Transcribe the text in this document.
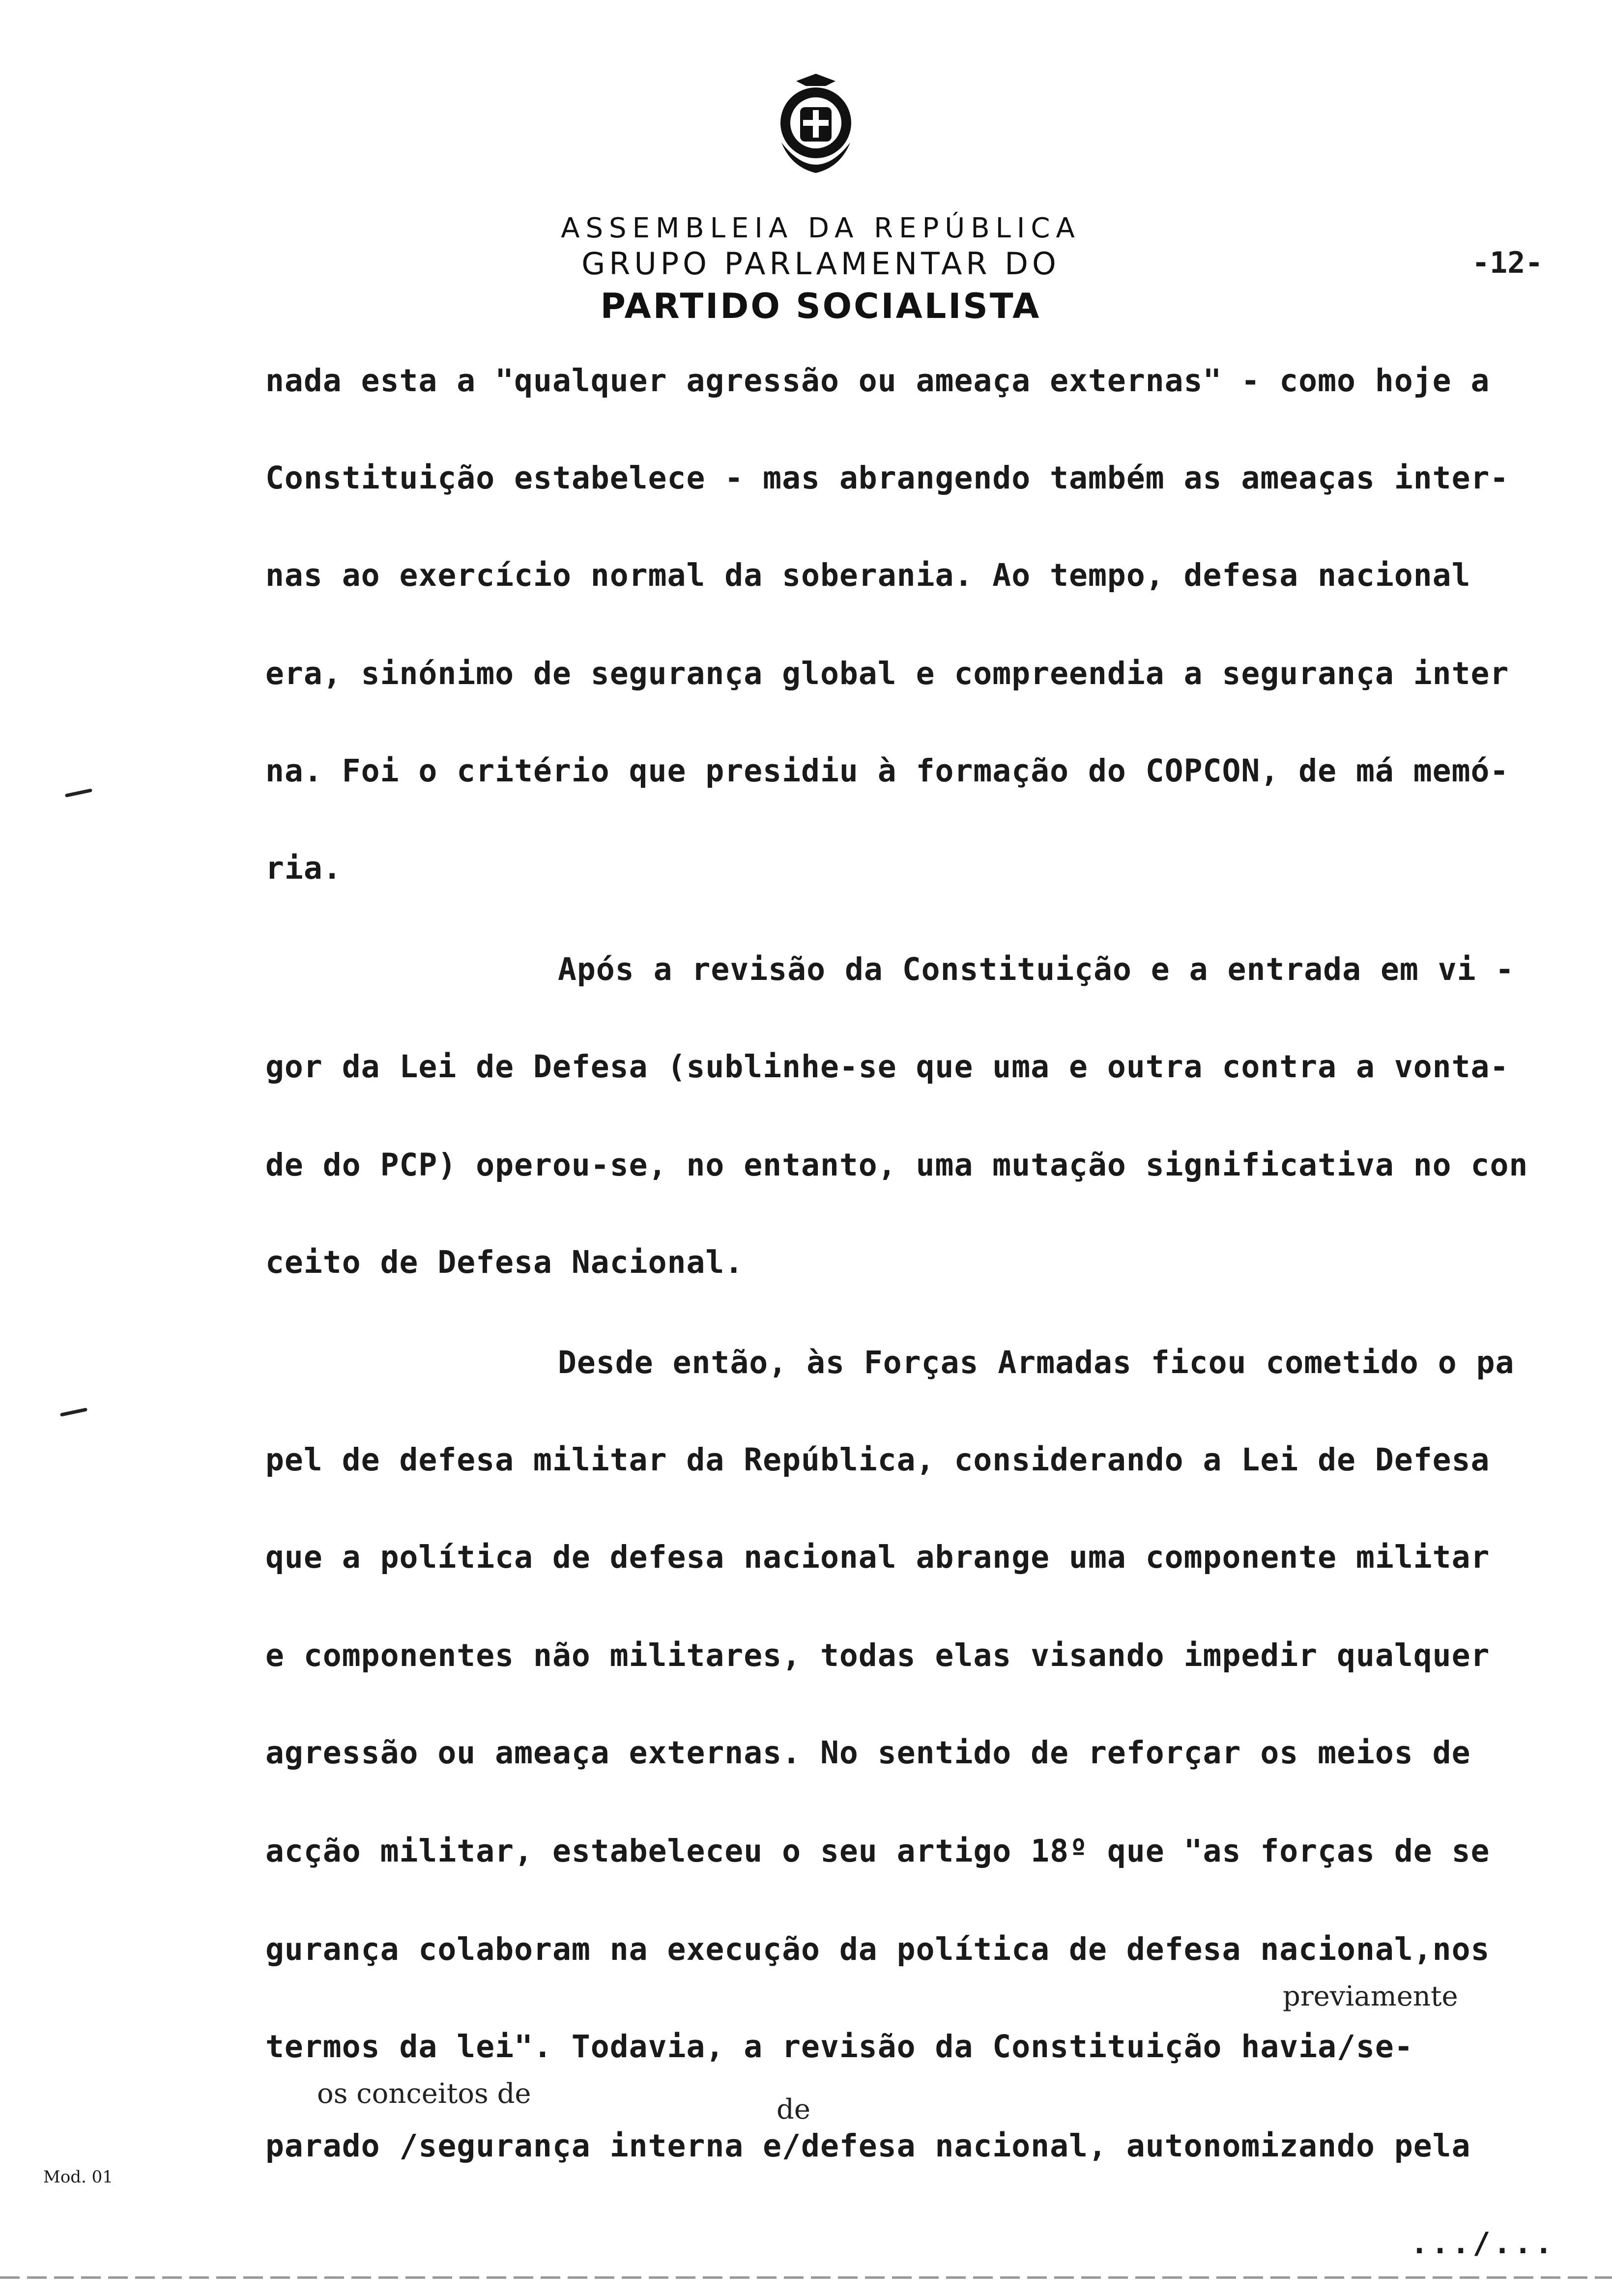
ASSEMBLEIA DA REPÚBLICA
GRUPO PARLAMENTAR DO
PARTIDO SOCIALISTA
-12-
nada esta a "qualquer agressão ou ameaça externas" - como hoje a
Constituição estabelece - mas abrangendo também as ameaças inter-
nas ao exercício normal da soberania. Ao tempo, defesa nacional
era, sinónimo de segurança global e compreendia a segurança inter
na. Foi o critério que presidiu à formação do COPCON, de má memó-
ria.
Após a revisão da Constituição e a entrada em vi -
gor da Lei de Defesa (sublinhe-se que uma e outra contra a vonta-
de do PCP) operou-se, no entanto, uma mutação significativa no con
ceito de Defesa Nacional.
Desde então, às Forças Armadas ficou cometido o pa
pel de defesa militar da República, considerando a Lei de Defesa
que a política de defesa nacional abrange uma componente militar
e componentes não militares, todas elas visando impedir qualquer
agressão ou ameaça externas. No sentido de reforçar os meios de
acção militar, estabeleceu o seu artigo 18º que "as forças de se
gurança colaboram na execução da política de defesa nacional,nos
termos da lei". Todavia, a revisão da Constituição havia/se-
parado /segurança interna e/defesa nacional, autonomizando pela
previamente
os conceitos de	de
Mod. 01
.../...
